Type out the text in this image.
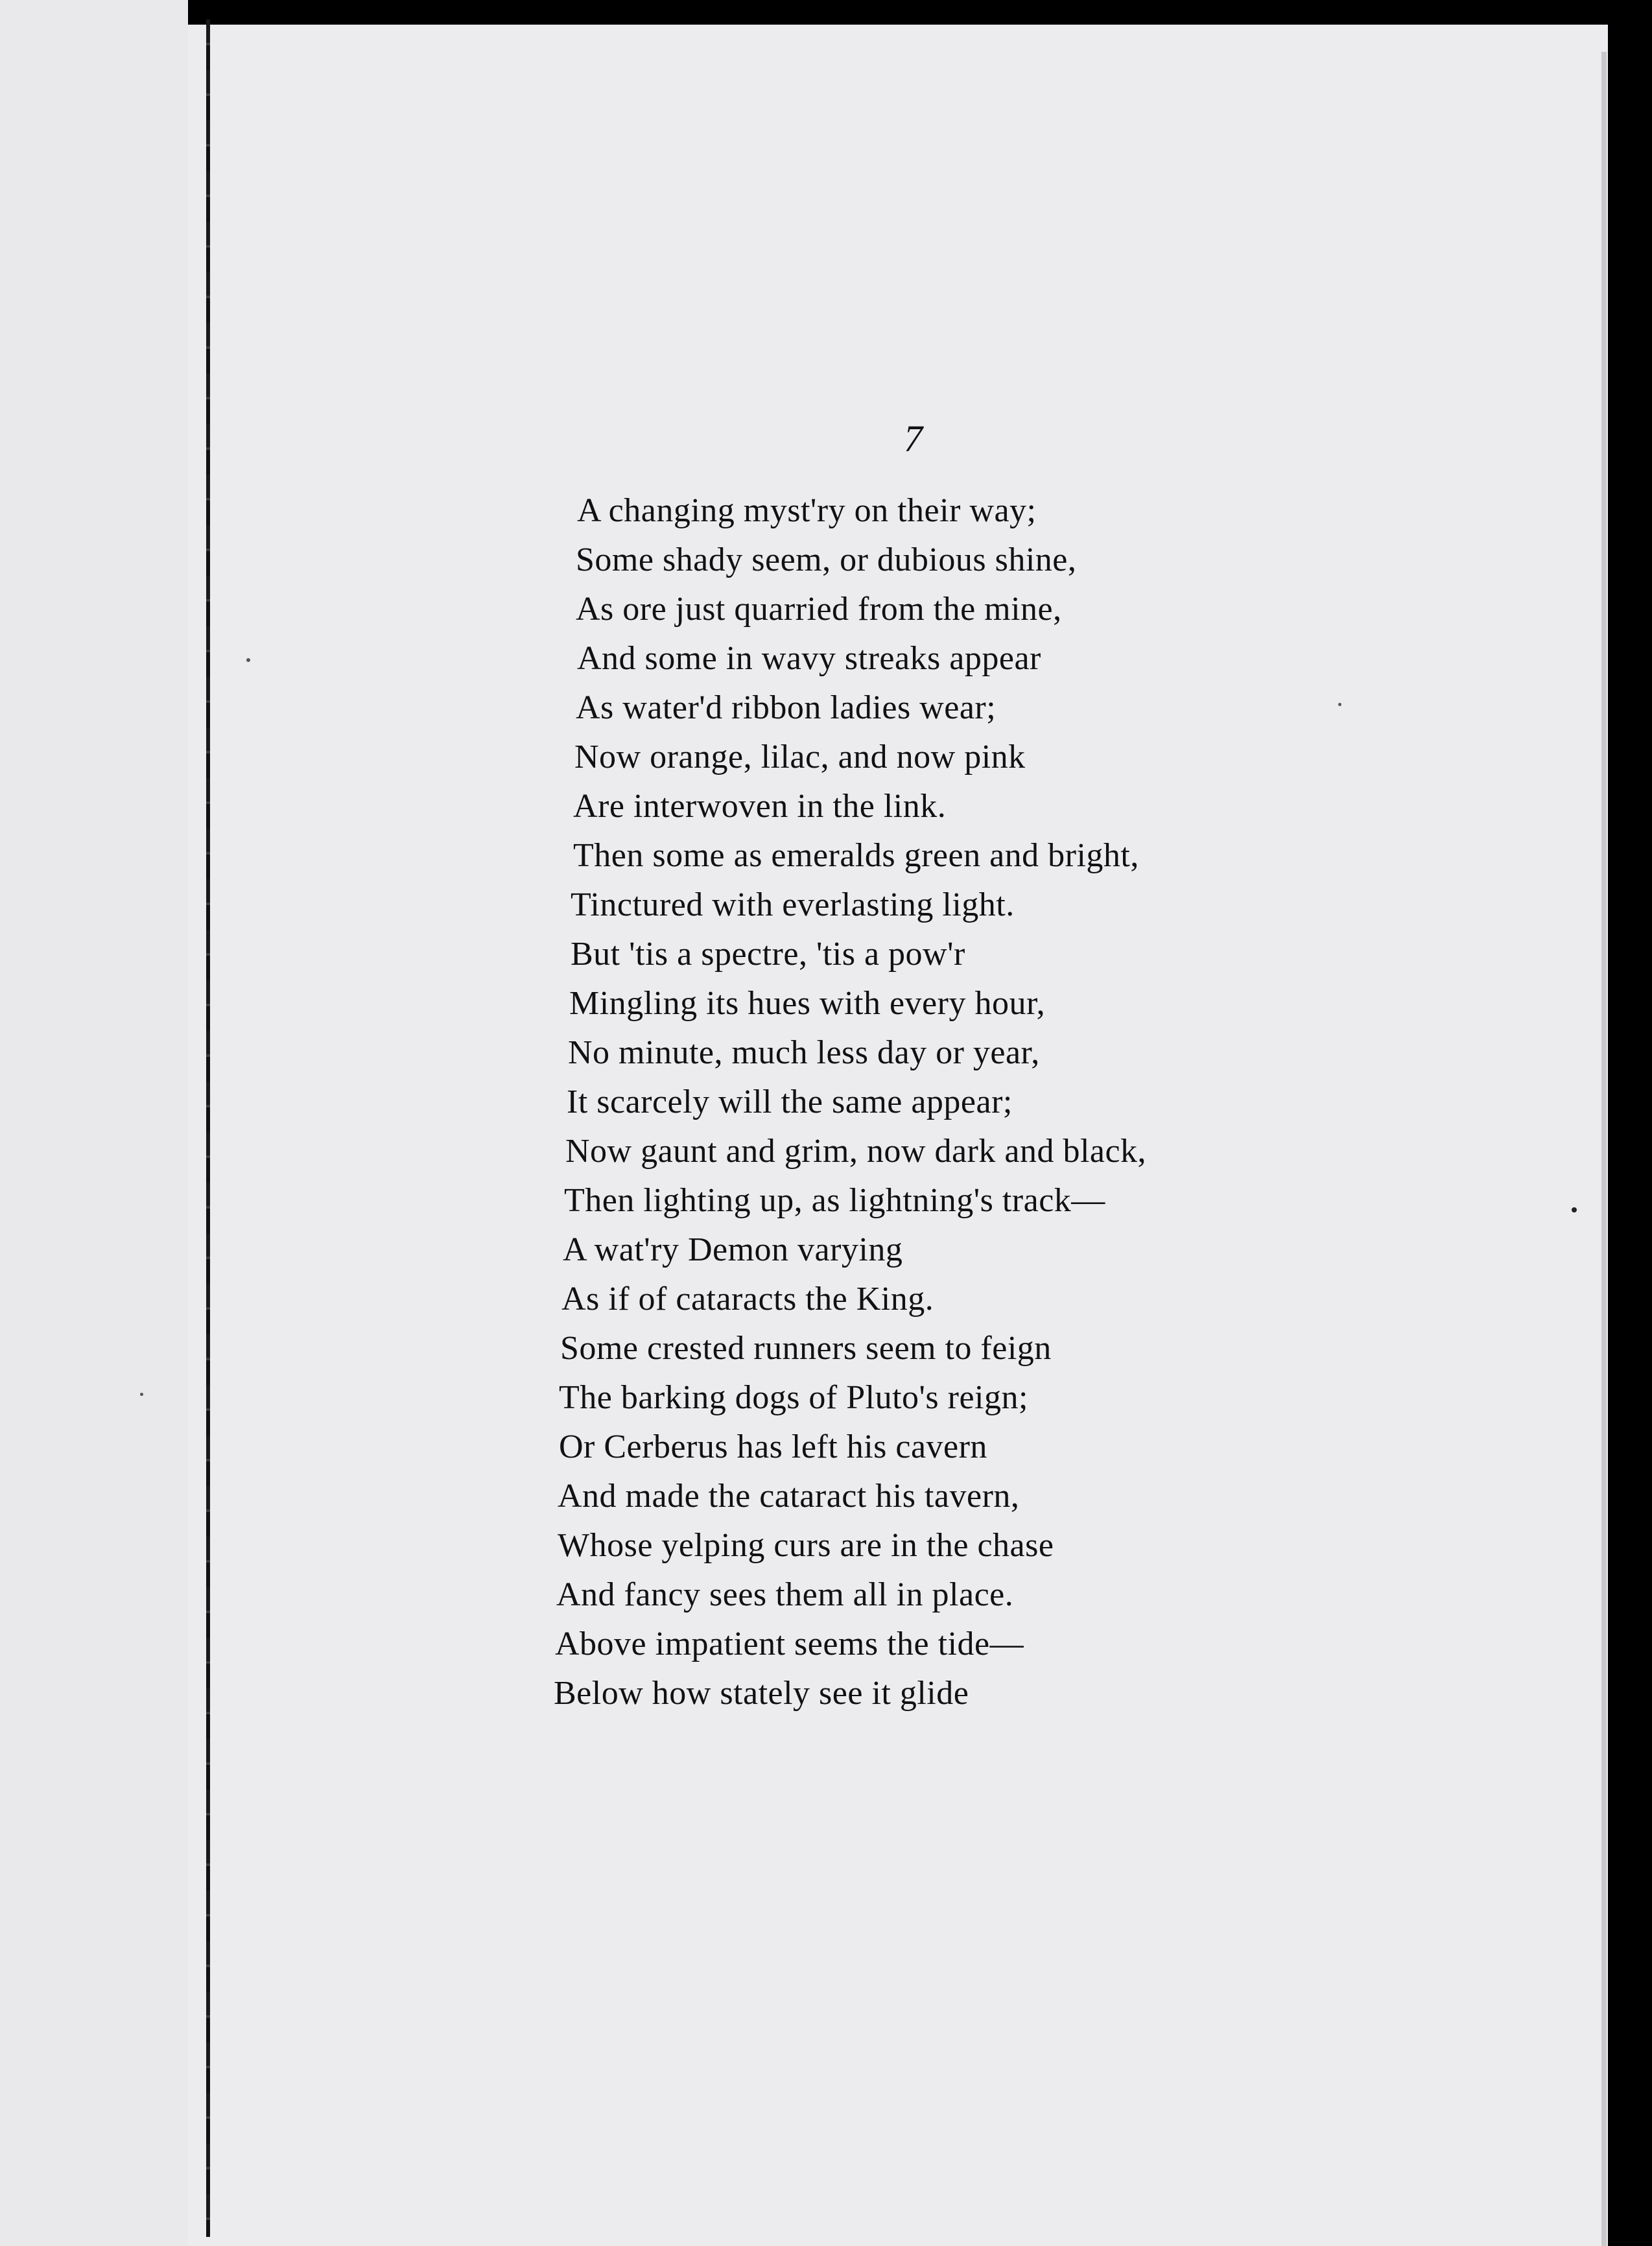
7
A changing myst'ry on their way;
Some shady seem, or dubious shine,
As ore just quarried from the mine,
And some in wavy streaks appear
As water'd ribbon ladies wear;
Now orange, lilac, and now pink
Are interwoven in the link.
Then some as emeralds green and bright,
Tinctured with everlasting light.
But 'tis a spectre, 'tis a pow'r
Mingling its hues with every hour,
No minute, much less day or year,
It scarcely will the same appear;
Now gaunt and grim, now dark and black,
Then lighting up, as lightning's track—
A wat'ry Demon varying
As if of cataracts the King.
Some crested runners seem to feign
The barking dogs of Pluto's reign;
Or Cerberus has left his cavern
And made the cataract his tavern,
Whose yelping curs are in the chase
And fancy sees them all in place.
Above impatient seems the tide—
Below how stately see it glide
